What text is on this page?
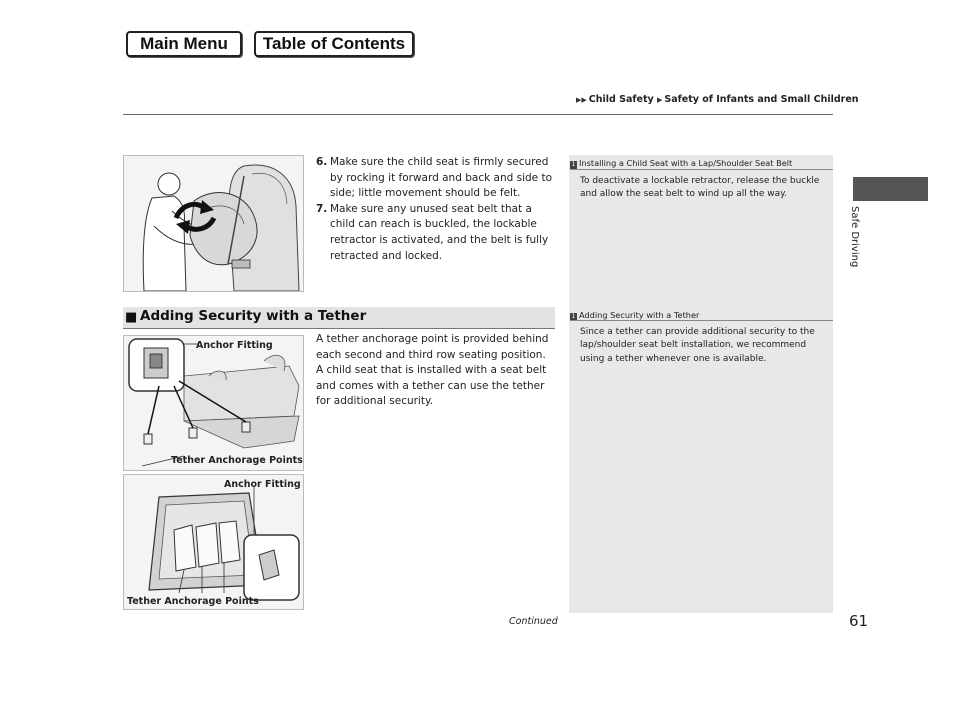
Main Menu	Table of Contents
▶▶ Child Safety ▶ Safety of Infants and Small Children
Safe Driving
1 Installing a Child Seat with a Lap/Shoulder Seat Belt
To deactivate a lockable retractor, release the buckle and allow the seat belt to wind up all the way.
1 Adding Security with a Tether
Since a tether can provide additional security to the lap/shoulder seat belt installation, we recommend using a tether whenever one is available.
6. Make sure the child seat is firmly secured by rocking it forward and back and side to side; little movement should be felt.
7. Make sure any unused seat belt that a child can reach is buckled, the lockable retractor is activated, and the belt is fully retracted and locked.
■ Adding Security with a Tether
A tether anchorage point is provided behind each second and third row seating position. A child seat that is installed with a seat belt and comes with a tether can use the tether for additional security.
Anchor Fitting
Tether Anchorage Points
Anchor Fitting
Tether Anchorage Points
Continued	61
